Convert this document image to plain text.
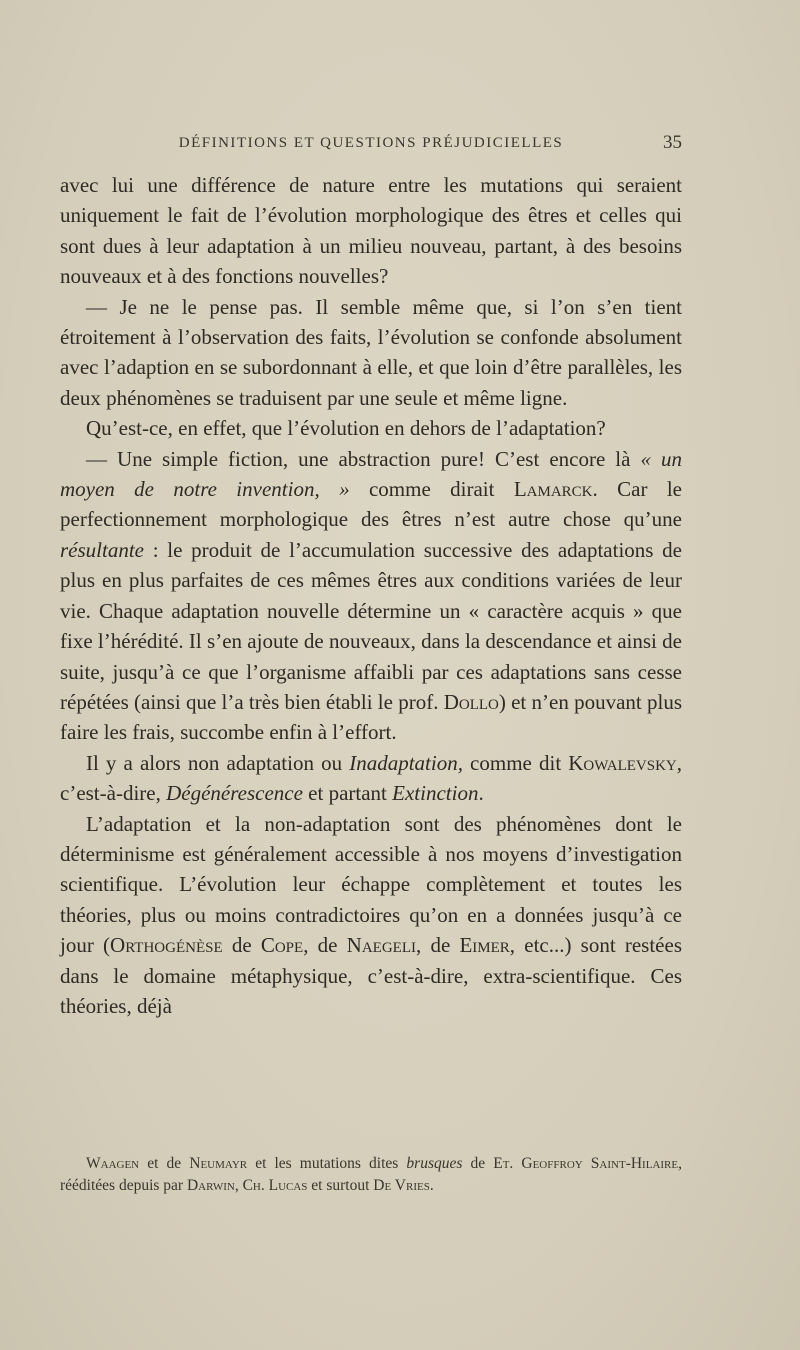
DÉFINITIONS ET QUESTIONS PRÉJUDICIELLES	35

avec lui une différence de nature entre les mutations qui seraient uniquement le fait de l’évolution morphologique des êtres et celles qui sont dues à leur adaptation à un milieu nouveau, partant, à des besoins nouveaux et à des fonctions nouvelles?

— Je ne le pense pas. Il semble même que, si l’on s’en tient étroitement à l’observation des faits, l’évolution se confonde absolument avec l’adaption en se subordonnant à elle, et que loin d’être parallèles, les deux phénomènes se traduisent par une seule et même ligne.

Qu’est-ce, en effet, que l’évolution en dehors de l’adaptation?

— Une simple fiction, une abstraction pure! C’est encore là « un moyen de notre invention, » comme dirait Lamarck. Car le perfectionnement morphologique des êtres n’est autre chose qu’une résultante : le produit de l’accumulation successive des adaptations de plus en plus parfaites de ces mêmes êtres aux conditions variées de leur vie. Chaque adaptation nouvelle détermine un « caractère acquis » que fixe l’hérédité. Il s’en ajoute de nouveaux, dans la descendance et ainsi de suite, jusqu’à ce que l’organisme affaibli par ces adaptations sans cesse répétées (ainsi que l’a très bien établi le prof. Dollo) et n’en pouvant plus faire les frais, succombe enfin à l’effort.

Il y a alors non adaptation ou Inadaptation, comme dit Kowalevsky, c’est-à-dire, Dégénérescence et partant Extinction.

L’adaptation et la non-adaptation sont des phénomènes dont le déterminisme est généralement accessible à nos moyens d’investigation scientifique. L’évolution leur échappe complètement et toutes les théories, plus ou moins contradictoires qu’on en a données jusqu’à ce jour (Orthogénèse de Cope, de Naegeli, de Eimer, etc...) sont restées dans le domaine métaphysique, c’est-à-dire, extra-scientifique. Ces théories, déjà

Waagen et de Neumayr et les mutations dites brusques de Et. Geoffroy Saint-Hilaire, rééditées depuis par Darwin, Ch. Lucas et surtout De Vries.
